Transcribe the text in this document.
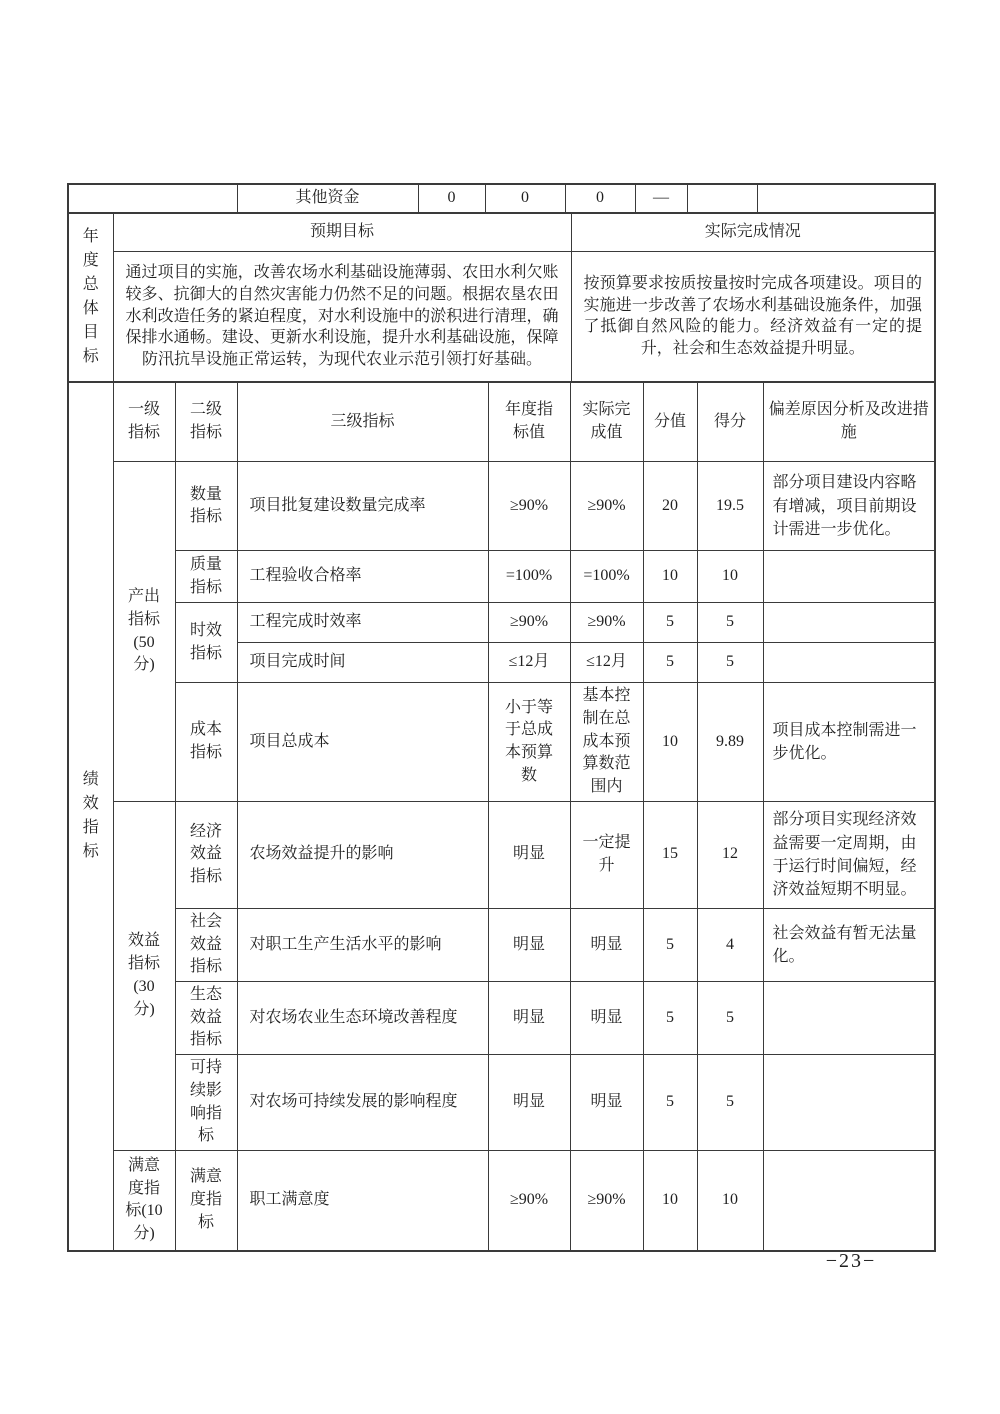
	其他资金	0	0	0	—		
年度总体目标	预期目标	实际完成情况
	通过项目的实施，改善农场水利基础设施薄弱、农田水利欠账较多、抗御大的自然灾害能力仍然不足的问题。根据农垦农田水利改造任务的紧迫程度，对水利设施中的淤积进行清理，确保排水通畅。建设、更新水利设施，提升水利基础设施，保障防汛抗旱设施正常运转，为现代农业示范引领打好基础。	按预算要求按质按量按时完成各项建设。项目的实施进一步改善了农场水利基础设施条件，加强了抵御自然风险的能力。经济效益有一定的提升，社会和生态效益提升明显。
绩效指标	一级指标	二级指标	三级指标	年度指标值	实际完成值	分值	得分	偏差原因分析及改进措施
	产出指标(50分)	数量指标	项目批复建设数量完成率	≥90%	≥90%	20	19.5	部分项目建设内容略有增减，项目前期设计需进一步优化。
		质量指标	工程验收合格率	=100%	=100%	10	10	
		时效指标	工程完成时效率	≥90%	≥90%	5	5	
			项目完成时间	≤12月	≤12月	5	5	
		成本指标	项目总成本	小于等于总成本预算数	基本控制在总成本预算数范围内	10	9.89	项目成本控制需进一步优化。
	效益指标(30分)	经济效益指标	农场效益提升的影响	明显	一定提升	15	12	部分项目实现经济效益需要一定周期，由于运行时间偏短，经济效益短期不明显。
		社会效益指标	对职工生产生活水平的影响	明显	明显	5	4	社会效益有暂无法量化。
		生态效益指标	对农场农业生态环境改善程度	明显	明显	5	5	
		可持续影响指标	对农场可持续发展的影响程度	明显	明显	5	5	
	满意度指标(10分)	满意度指标	职工满意度	≥90%	≥90%	10	10	
−23−
